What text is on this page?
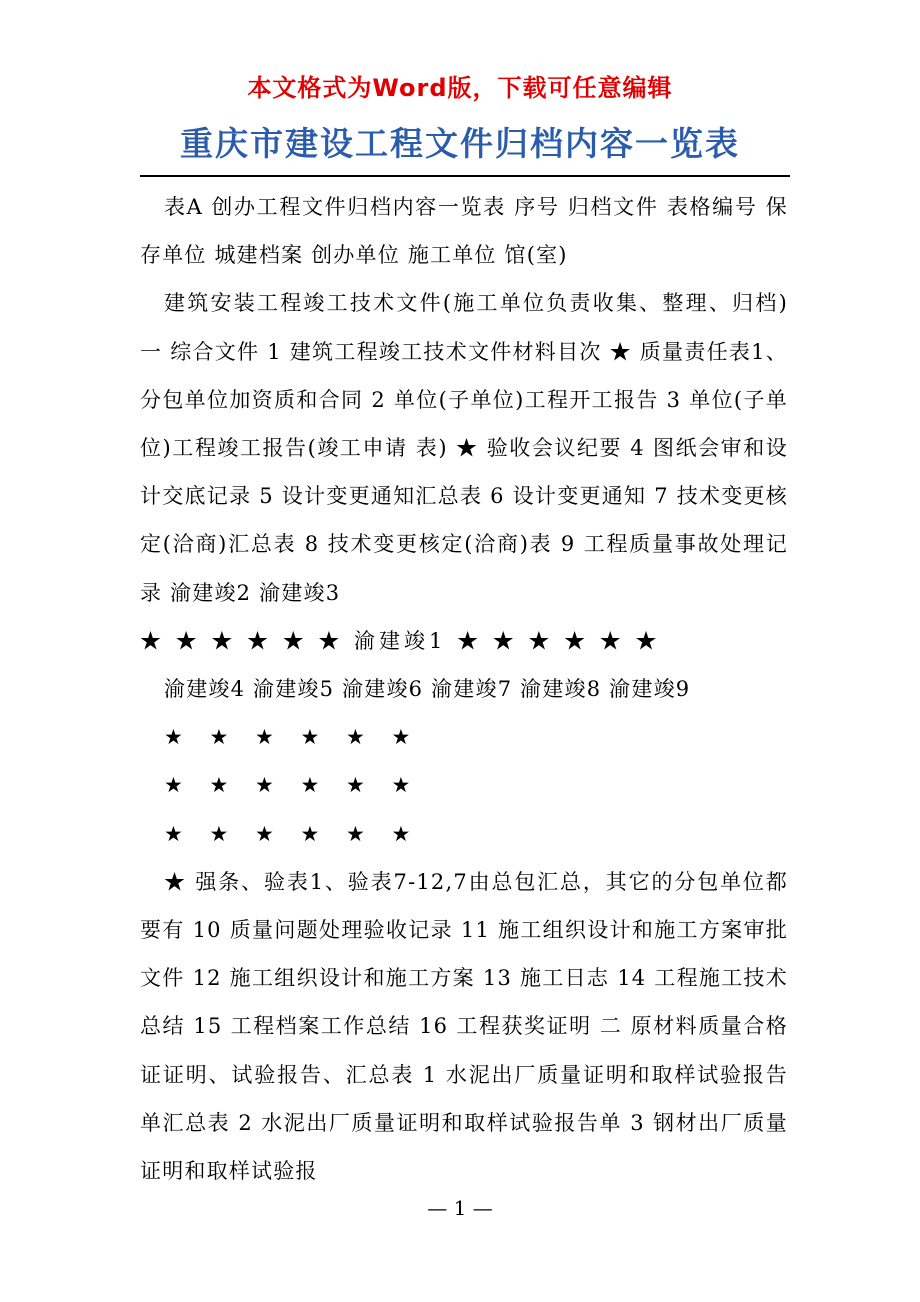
本文格式为Word版，下载可任意编辑
重庆市建设工程文件归档内容一览表

表A 创办工程文件归档内容一览表 序号 归档文件 表格编号 保存单位 城建档案 创办单位 施工单位 馆(室)

建筑安装工程竣工技术文件(施工单位负责收集、整理、归档) 一 综合文件 1 建筑工程竣工技术文件材料目次 ★ 质量责任表1、分包单位加资质和合同 2 单位(子单位)工程开工报告 3 单位(子单位)工程竣工报告(竣工申请 表) ★ 验收会议纪要 4 图纸会审和设计交底记录 5 设计变更通知汇总表 6 设计变更通知 7 技术变更核定(洽商)汇总表 8 技术变更核定(洽商)表 9 工程质量事故处理记录 渝建竣2 渝建竣3

★ ★ ★ ★ ★ ★ 渝建竣1 ★ ★ ★ ★ ★ ★

渝建竣4 渝建竣5 渝建竣6 渝建竣7 渝建竣8 渝建竣9

★ ★ ★ ★ ★ ★

★ ★ ★ ★ ★ ★

★ ★ ★ ★ ★ ★

★ 强条、验表1、验表7-12,7由总包汇总，其它的分包单位都要有 10 质量问题处理验收记录 11 施工组织设计和施工方案审批文件 12 施工组织设计和施工方案 13 施工日志 14 工程施工技术总结 15 工程档案工作总结 16 工程获奖证明 二 原材料质量合格证证明、试验报告、汇总表 1 水泥出厂质量证明和取样试验报告单汇总表 2 水泥出厂质量证明和取样试验报告单 3 钢材出厂质量证明和取样试验报

— 1 —
